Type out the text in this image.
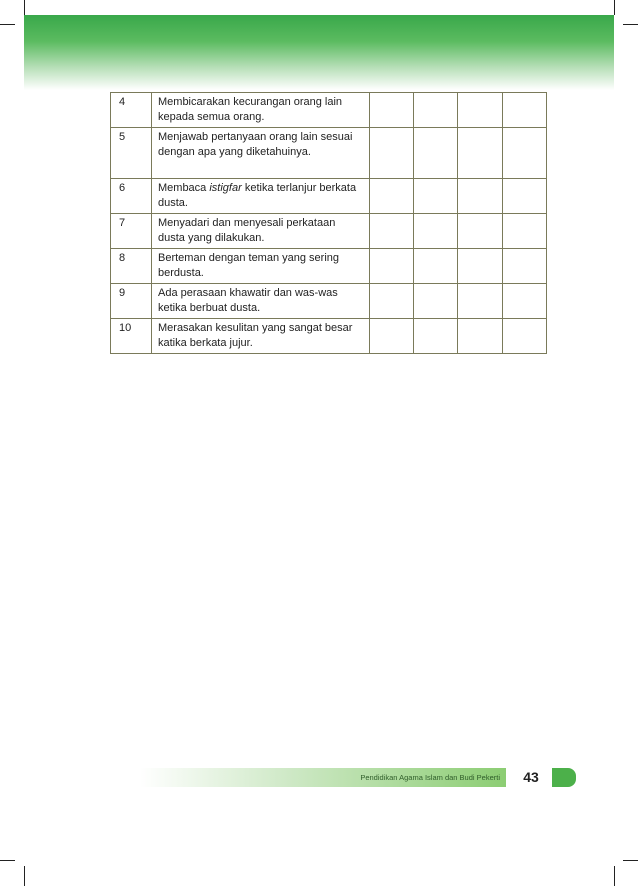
4	Membicarakan kecurangan orang lain kepada semua orang.				
5	Menjawab pertanyaan orang lain sesuai dengan apa yang diketahuinya.				
6	Membaca istigfar ketika terlanjur berkata dusta.				
7	Menyadari dan menyesali perkataan dusta yang dilakukan.				
8	Berteman dengan teman yang sering berdusta.				
9	Ada perasaan khawatir dan was-was ketika berbuat dusta.				
10	Merasakan kesulitan yang sangat besar katika berkata jujur.				
Pendidikan Agama Islam dan Budi Pekerti	43
